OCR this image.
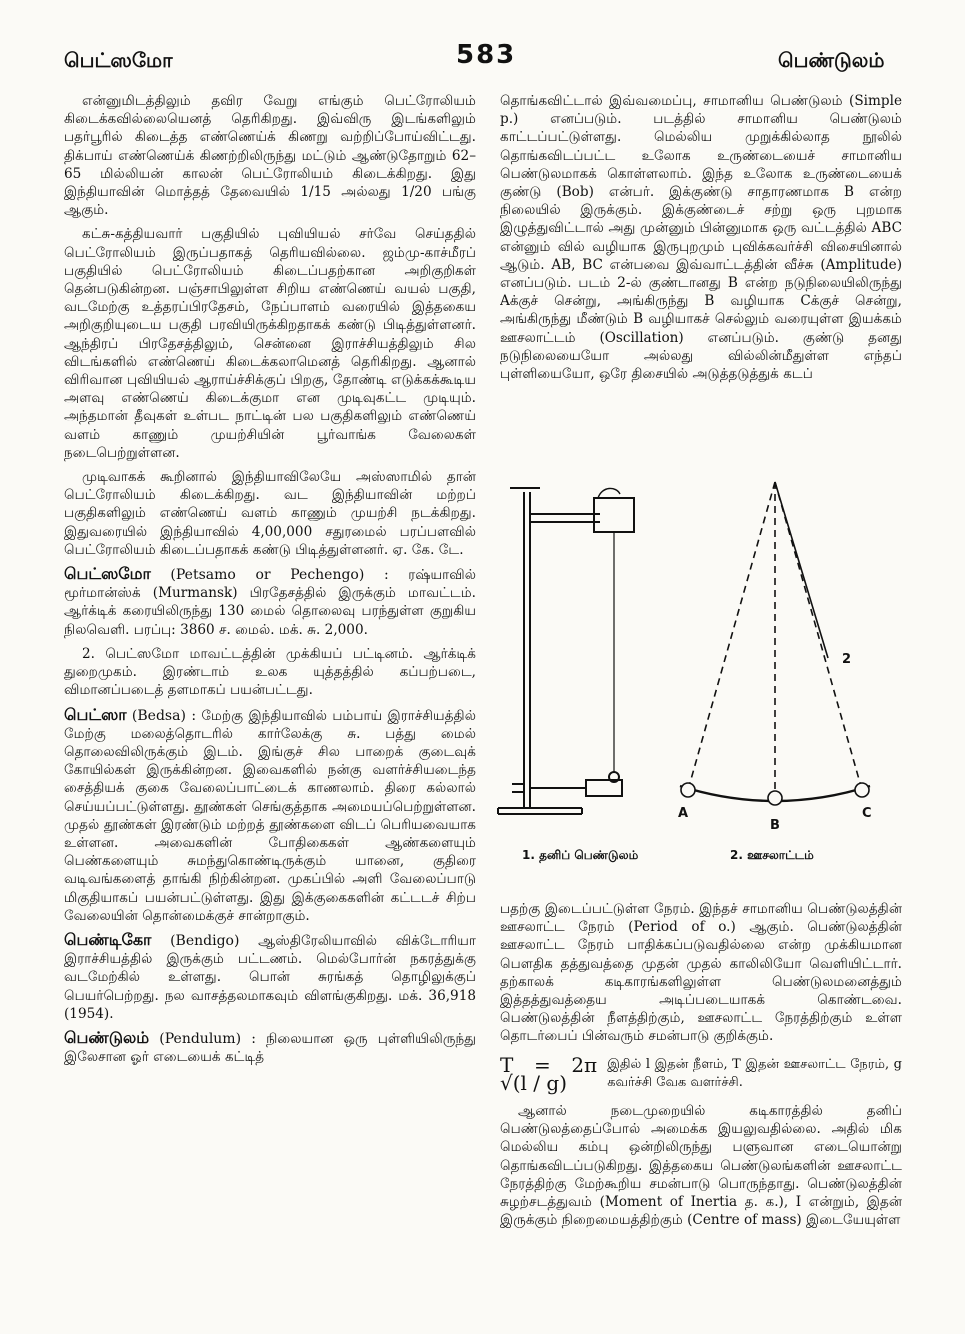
பெட்ஸமோ	583	பெண்டுலம்

என்னுமிடத்திலும் தவிர வேறு எங்கும் பெட்ரோலியம் கிடைக்கவில்லையெனத் தெரிகிறது. இவ்விரு இடங்களிலும் பதர்பூரில் கிடைத்த எண்ணெய்க் கிணறு வற்றிப்போய்விட்டது. திக்பாய் எண்ணெய்க் கிணற்றிலிருந்து மட்டும் ஆண்டுதோறும் 62–65 மில்லியன் காலன் பெட்ரோலியம் கிடைக்கிறது. இது இந்தியாவின் மொத்தத் தேவையில் 1/15 அல்லது 1/20 பங்கு ஆகும்.

கட்சு-கத்தியவார் பகுதியில் புவியியல் சர்வே செய்ததில் பெட்ரோலியம் இருப்பதாகத் தெரியவில்லை. ஜம்மு-காச்மீரப் பகுதியில் பெட்ரோலியம் கிடைப்பதற்கான அறிகுறிகள் தென்படுகின்றன. பஞ்சாபிலுள்ள சிறிய எண்ணெய் வயல் பகுதி, வடமேற்கு உத்தரப்பிரதேசம், நேப்பாளம் வரையில் இத்தகைய அறிகுறியுடைய பகுதி பரவியிருக்கிறதாகக் கண்டு பிடித்துள்ளனர். ஆந்திரப் பிரதேசத்திலும், சென்னை இராச்சியத்திலும் சில விடங்களில் எண்ணெய் கிடைக்கலாமெனத் தெரிகிறது. ஆனால் விரிவான புவியியல் ஆராய்ச்சிக்குப் பிறகு, தோண்டி எடுக்கக்கூடிய அளவு எண்ணெய் கிடைக்குமா என முடிவுகட்ட முடியும். அந்தமான் தீவுகள் உள்பட நாட்டின் பல பகுதிகளிலும் எண்ணெய் வளம் காணும் முயற்சியின் பூர்வாங்க வேலைகள் நடைபெற்றுள்ளன.

முடிவாகக் கூறினால் இந்தியாவிலேயே அஸ்ஸாமில் தான் பெட்ரோலியம் கிடைக்கிறது. வட இந்தியாவின் மற்றப் பகுதிகளிலும் எண்ணெய் வளம் காணும் முயற்சி நடக்கிறது. இதுவரையில் இந்தியாவில் 4,00,000 சதுரமைல் பரப்பளவில் பெட்ரோலியம் கிடைப்பதாகக் கண்டு பிடித்துள்ளனர். ஏ. கே. டே.

பெட்ஸமோ (Petsamo or Pechengo) : ரஷ்யாவில் மூர்மான்ஸ்க் (Murmansk) பிரதேசத்தில் இருக்கும் மாவட்டம். ஆர்க்டிக் கரையிலிருந்து 130 மைல் தொலைவு பரந்துள்ள குறுகிய நிலவெளி. பரப்பு: 3860 ச. மைல். மக். சு. 2,000.

2. பெட்ஸமோ மாவட்டத்தின் முக்கியப் பட்டினம். ஆர்க்டிக் துறைமுகம். இரண்டாம் உலக யுத்தத்தில் கப்பற்படை, விமானப்படைத் தளமாகப் பயன்பட்டது.

பெட்ஸா (Bedsa) : மேற்கு இந்தியாவில் பம்பாய் இராச்சியத்தில் மேற்கு மலைத்தொடரில் கார்லேக்கு சு. பத்து மைல் தொலைவிலிருக்கும் இடம். இங்குச் சில பாறைக் குடைவுக் கோயில்கள் இருக்கின்றன. இவைகளில் நன்கு வளர்ச்சியடைந்த சைத்தியக் குகை வேலைப்பாட்டைக் காணலாம். திரை கல்லால் செய்யப்பட்டுள்ளது. தூண்கள் செங்குத்தாக அமையப்பெற்றுள்ளன. முதல் தூண்கள் இரண்டும் மற்றத் தூண்களை விடப் பெரியவையாக உள்ளன. அவைகளின் போதிகைகள் ஆண்களையும் பெண்களையும் சுமந்துகொண்டிருக்கும் யானை, குதிரை வடிவங்களைத் தாங்கி நிற்கின்றன. முகப்பில் அளி வேலைப்பாடு மிகுதியாகப் பயன்பட்டுள்ளது. இது இக்குகைகளின் கட்டடச் சிற்ப வேலையின் தொன்மைக்குச் சான்றாகும்.
பெண்டிகோ (Bendigo) ஆஸ்திரேலியாவில் விக்டோரியா இராச்சியத்தில் இருக்கும் பட்டணம். மெல்போர்ன் நகரத்துக்கு வடமேற்கில் உள்ளது. பொன் சுரங்கத் தொழிலுக்குப் பெயர்பெற்றது. நல வாசத்தலமாகவும் விளங்குகிறது. மக். 36,918 (1954).
பெண்டுலம் (Pendulum) : நிலையான ஒரு புள்ளியிலிருந்து இலேசான ஓர் எடையைக் கட்டித்

தொங்கவிட்டால் இவ்வமைப்பு, சாமானிய பெண்டுலம் (Simple p.) எனப்படும். படத்தில் சாமானிய பெண்டுலம் காட்டப்பட்டுள்ளது. மெல்லிய முறுக்கில்லாத நூலில் தொங்கவிடப்பட்ட உலோக உருண்டையைச் சாமானிய பெண்டுலமாகக் கொள்ளலாம். இந்த உலோக உருண்டையைக் குண்டு (Bob) என்பர். இக்குண்டு சாதாரணமாக B என்ற நிலையில் இருக்கும். இக்குண்டைச் சற்று ஒரு புறமாக இழுத்துவிட்டால் அது முன்னும் பின்னுமாக ஒரு வட்டத்தில் ABC என்னும் வில் வழியாக இருபுறமும் புவிக்கவர்ச்சி விசையினால் ஆடும். AB, BC என்பவை இவ்வாட்டத்தின் வீச்சு (Amplitude) எனப்படும். படம் 2-ல் குண்டானது B என்ற நடுநிலையிலிருந்து Aக்குச் சென்று, அங்கிருந்து B வழியாக Cக்குச் சென்று, அங்கிருந்து மீண்டும் B வழியாகச் செல்லும் வரையுள்ள இயக்கம் ஊசலாட்டம் (Oscillation) எனப்படும். குண்டு தனது நடுநிலையையோ அல்லது வில்லின்மீதுள்ள எந்தப் புள்ளியையோ, ஒரே திசையில் அடுத்தடுத்துக் கடப்

2
A
B
C
1. தனிப் பெண்டுலம்	2. ஊசலாட்டம்

பதற்கு இடைப்பட்டுள்ள நேரம். இந்தச் சாமானிய பெண்டுலத்தின் ஊசலாட்ட நேரம் (Period of o.) ஆகும். பெண்டுலத்தின் ஊசலாட்ட நேரம் பாதிக்கப்படுவதில்லை என்ற முக்கியமான பௌதிக தத்துவத்தை முதன் முதல் காலிலியோ வெளியிட்டார். தற்காலக் கடிகாரங்களிலுள்ள பெண்டுலமனைத்தும் இத்தத்துவத்தைய அடிப்படையாகக் கொண்டவை. பெண்டுலத்தின் நீளத்திற்கும், ஊசலாட்ட நேரத்திற்கும் உள்ள தொடர்பைப் பின்வரும் சமன்பாடு குறிக்கும்.

T = 2π √(l / g)
இதில் l இதன் நீளம், T இதன் ஊசலாட்ட நேரம், g கவர்ச்சி வேக வளர்ச்சி.

ஆனால் நடைமுறையில் கடிகாரத்தில் தனிப் பெண்டுலத்தைப்போல் அமைக்க இயலுவதில்லை. அதில் மிக மெல்லிய கம்பு ஒன்றிலிருந்து பளுவான எடையொன்று தொங்கவிடப்படுகிறது. இத்தகைய பெண்டுலங்களின் ஊசலாட்ட நேரத்திற்கு மேற்கூறிய சமன்பாடு பொருந்தாது. பெண்டுலத்தின் சுழற்சடத்துவம் (Moment of Inertia த. க.), I என்றும், இதன் இருக்கும் நிறைமையத்திற்கும் (Centre of mass) இடையேயுள்ள
